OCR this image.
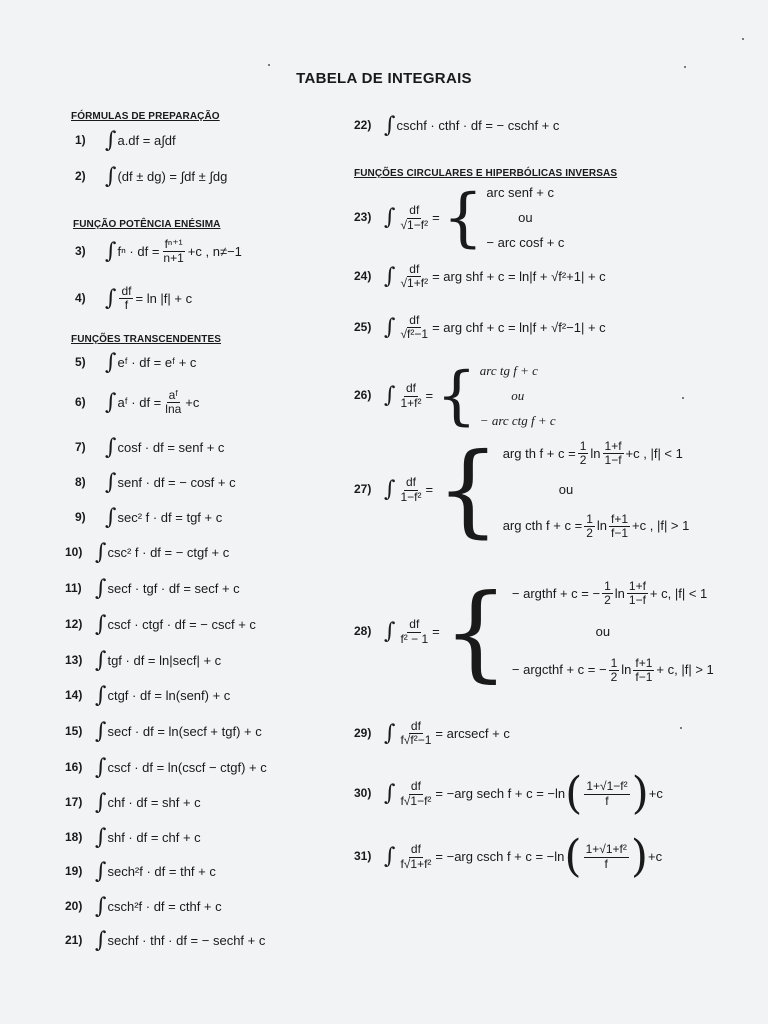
TABELA DE INTEGRAIS
FÓRMULAS DE PREPARAÇÃO
1) ∫ a.df = a∫df
2) ∫ (df ± dg) = ∫df ± ∫dg
FUNÇÃO POTÊNCIA ENÉSIMA
3) ∫ fⁿ · df = $\frac{\text{fⁿ⁺¹}}{n+1} +c$ , n≠−1
4) ∫ $\frac{df}{f} = \ln |f| + c$
FUNÇÕES TRANSCENDENTES
5) ∫ eᶠ · df = eᶠ + c
6) ∫ aᶠ · df = $\frac{\text{aᶠ}}{\ln a} +c$
7) ∫ cosf · df = senf + c
8) ∫ senf · df = − cosf + c
9) ∫ sec² f · df = tgf + c
10) ∫ csc² f · df = − ctgf + c
11) ∫ secf · tgf · df = secf + c
12) ∫ cscf · ctgf · df = − cscf + c
13) ∫ tgf · df = ln|secf| + c
14) ∫ ctgf · df = ln(senf) + c
15) ∫ secf · df = ln(secf + tgf) + c
16) ∫ cscf · df = ln(cscf − ctgf) + c
17) ∫ chf · df = shf + c
18) ∫ shf · df = chf + c
19) ∫ sech²f · df = thf + c
20) ∫ csch²f · df = cthf + c
21) ∫ sechf · thf · df = − sechf + c
22) ∫ cschf · cthf · df = − cschf + c
FUNÇÕES CIRCULARES E HIPERBÓLICAS INVERSAS
23) ∫ $\frac{df}{\text{√1−f²}}$ = { arc senf + c
ou
− arc cosf + c
24) ∫ $\frac{df}{\text{√1+f²}}$ = arg shf + c = ln|f + √f²+1| + c
25) ∫ $\frac{df}{\text{√f²−1}}$ = arg chf + c = ln|f + √f²−1| + c
26) ∫ $\frac{df}{\text{1+f²}}$ = { arc tg f + c
ou
− arc ctg f + c
27) ∫ $\frac{df}{\text{1−f²}}$ = { arg th $f + c = \frac{1}{2}$ $\ln \frac{1+f}{1-f} +c$ , |f| < 1
ou
arg cth $f + c = \frac{1}{2}$ $\ln \frac{f+1}{f-1} +c$ , |f| > 1
28) ∫ $\frac{df}{\text{f² − 1}}$ = { − argthf + c = − $\frac{1}{2}$ $\ln \frac{1+f}{1-f} + c$, |f| < 1
ou
− argcthf + c = − $\frac{1}{2}$ $\ln \frac{f+1}{f-1} + c$, |f| > 1
29) ∫ $\frac{df}{\text{f√f²−1}} = arcsecf + c$
30) ∫ $\frac{df}{\text{f√1−f²}} = -arg$ sech f + c = −ln ( $\frac{\text{1+√1−f²}}{f}$ ) +c
31) ∫ $\frac{df}{\text{f√1+f²}} = -arg$ csch f + c = −ln ( $\frac{\text{1+√1+f²}}{f}$ ) +c
